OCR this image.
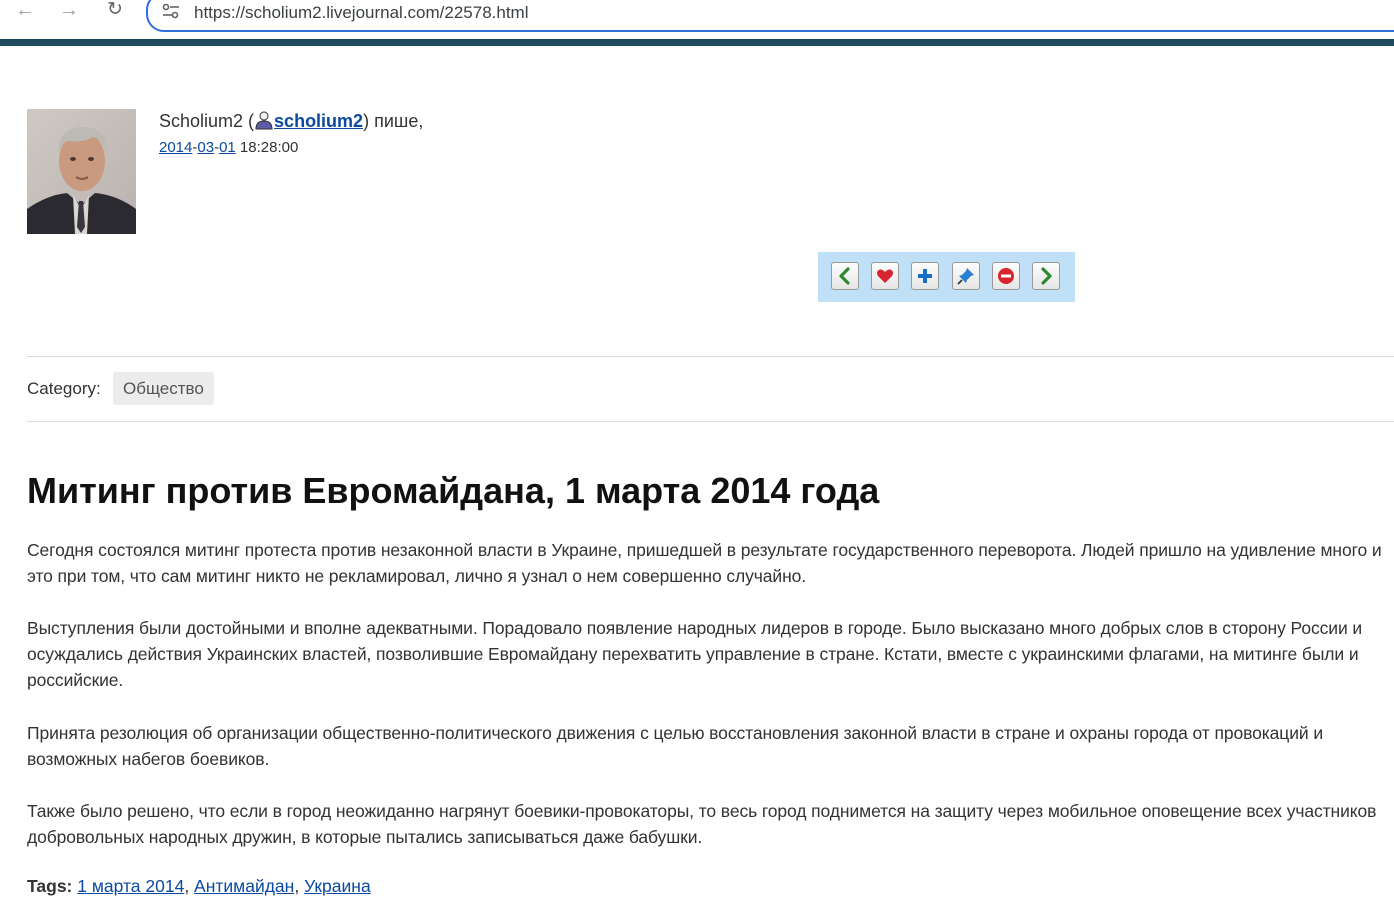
← →	↻	https://scholium2.livejournal.com/22578.html
Scholium2 ( scholium2) пише,
2014-03-01 18:28:00
Category:	Общество
Митинг против Евромайдана, 1 марта 2014 года

Сегодня состоялся митинг протеста против незаконной власти в Украине, пришедшей в результате государственного переворота. Людей пришло на удивление много и это при том, что сам митинг никто не рекламировал, лично я узнал о нем совершенно случайно.

Выступления были достойными и вполне адекватными. Порадовало появление народных лидеров в городе. Было высказано много добрых слов в сторону России и осуждались действия Украинских властей, позволившие Евромайдану перехватить управление в стране. Кстати, вместе с украинскими флагами, на митинге были и российские.

Принята резолюция об организации общественно-политического движения с целью восстановления законной власти в стране и охраны города от провокаций и возможных набегов боевиков.

Также было решено, что если в город неожиданно нагрянут боевики-провокаторы, то весь город поднимется на защиту через мобильное оповещение всех участников добровольных народных дружин, в которые пытались записываться даже бабушки.

Tags: 1 марта 2014, Антимайдан, Украина
